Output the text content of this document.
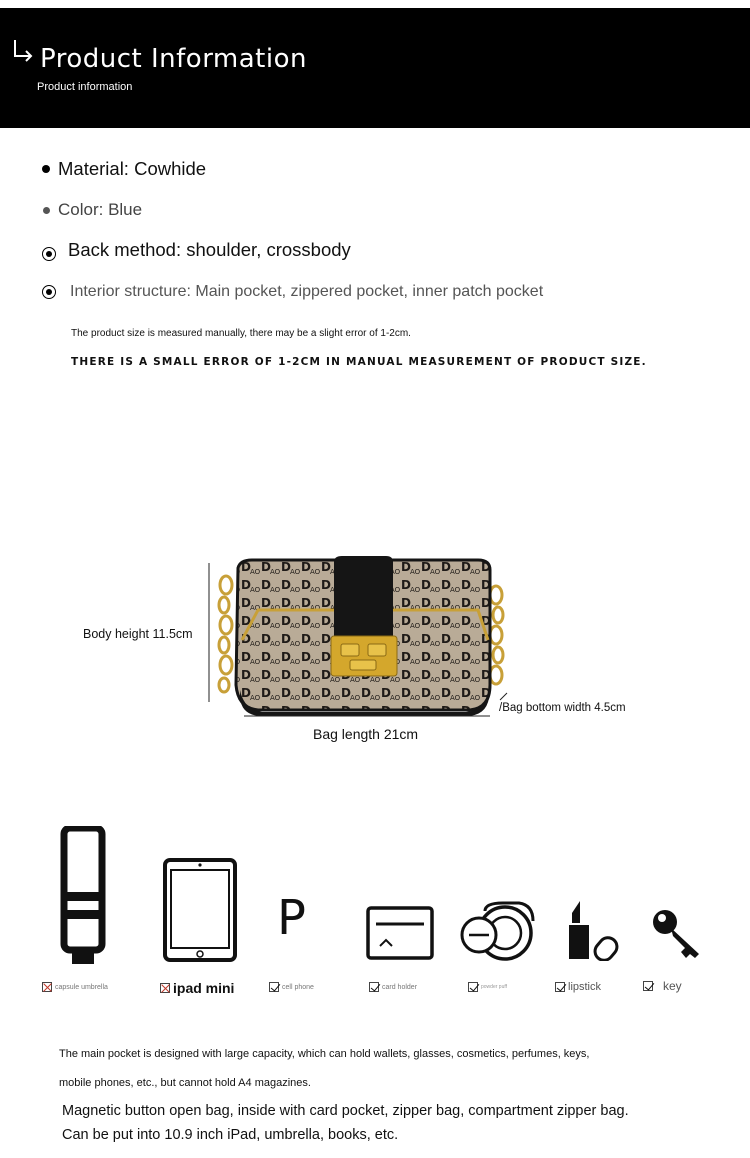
Product Information
Product information
Material: Cowhide
Color: Blue
Back method: shoulder, crossbody
Interior structure: Main pocket, zippered pocket, inner patch pocket
The product size is measured manually, there may be a slight error of 1-2cm.
THERE IS A SMALL ERROR OF 1-2CM IN MANUAL MEASUREMENT OF PRODUCT SIZE.
Body height 11.5cm
Bag length 21cm
/Bag bottom width 4.5cm
P
capsule umbrella	ipad mini	cell phone	card holder	powder puff	lipstick	key
The main pocket is designed with large capacity, which can hold wallets, glasses, cosmetics, perfumes, keys,
mobile phones, etc., but cannot hold A4 magazines.
Magnetic button open bag, inside with card pocket, zipper bag, compartment zipper bag.
Can be put into 10.9 inch iPad, umbrella, books, etc.
